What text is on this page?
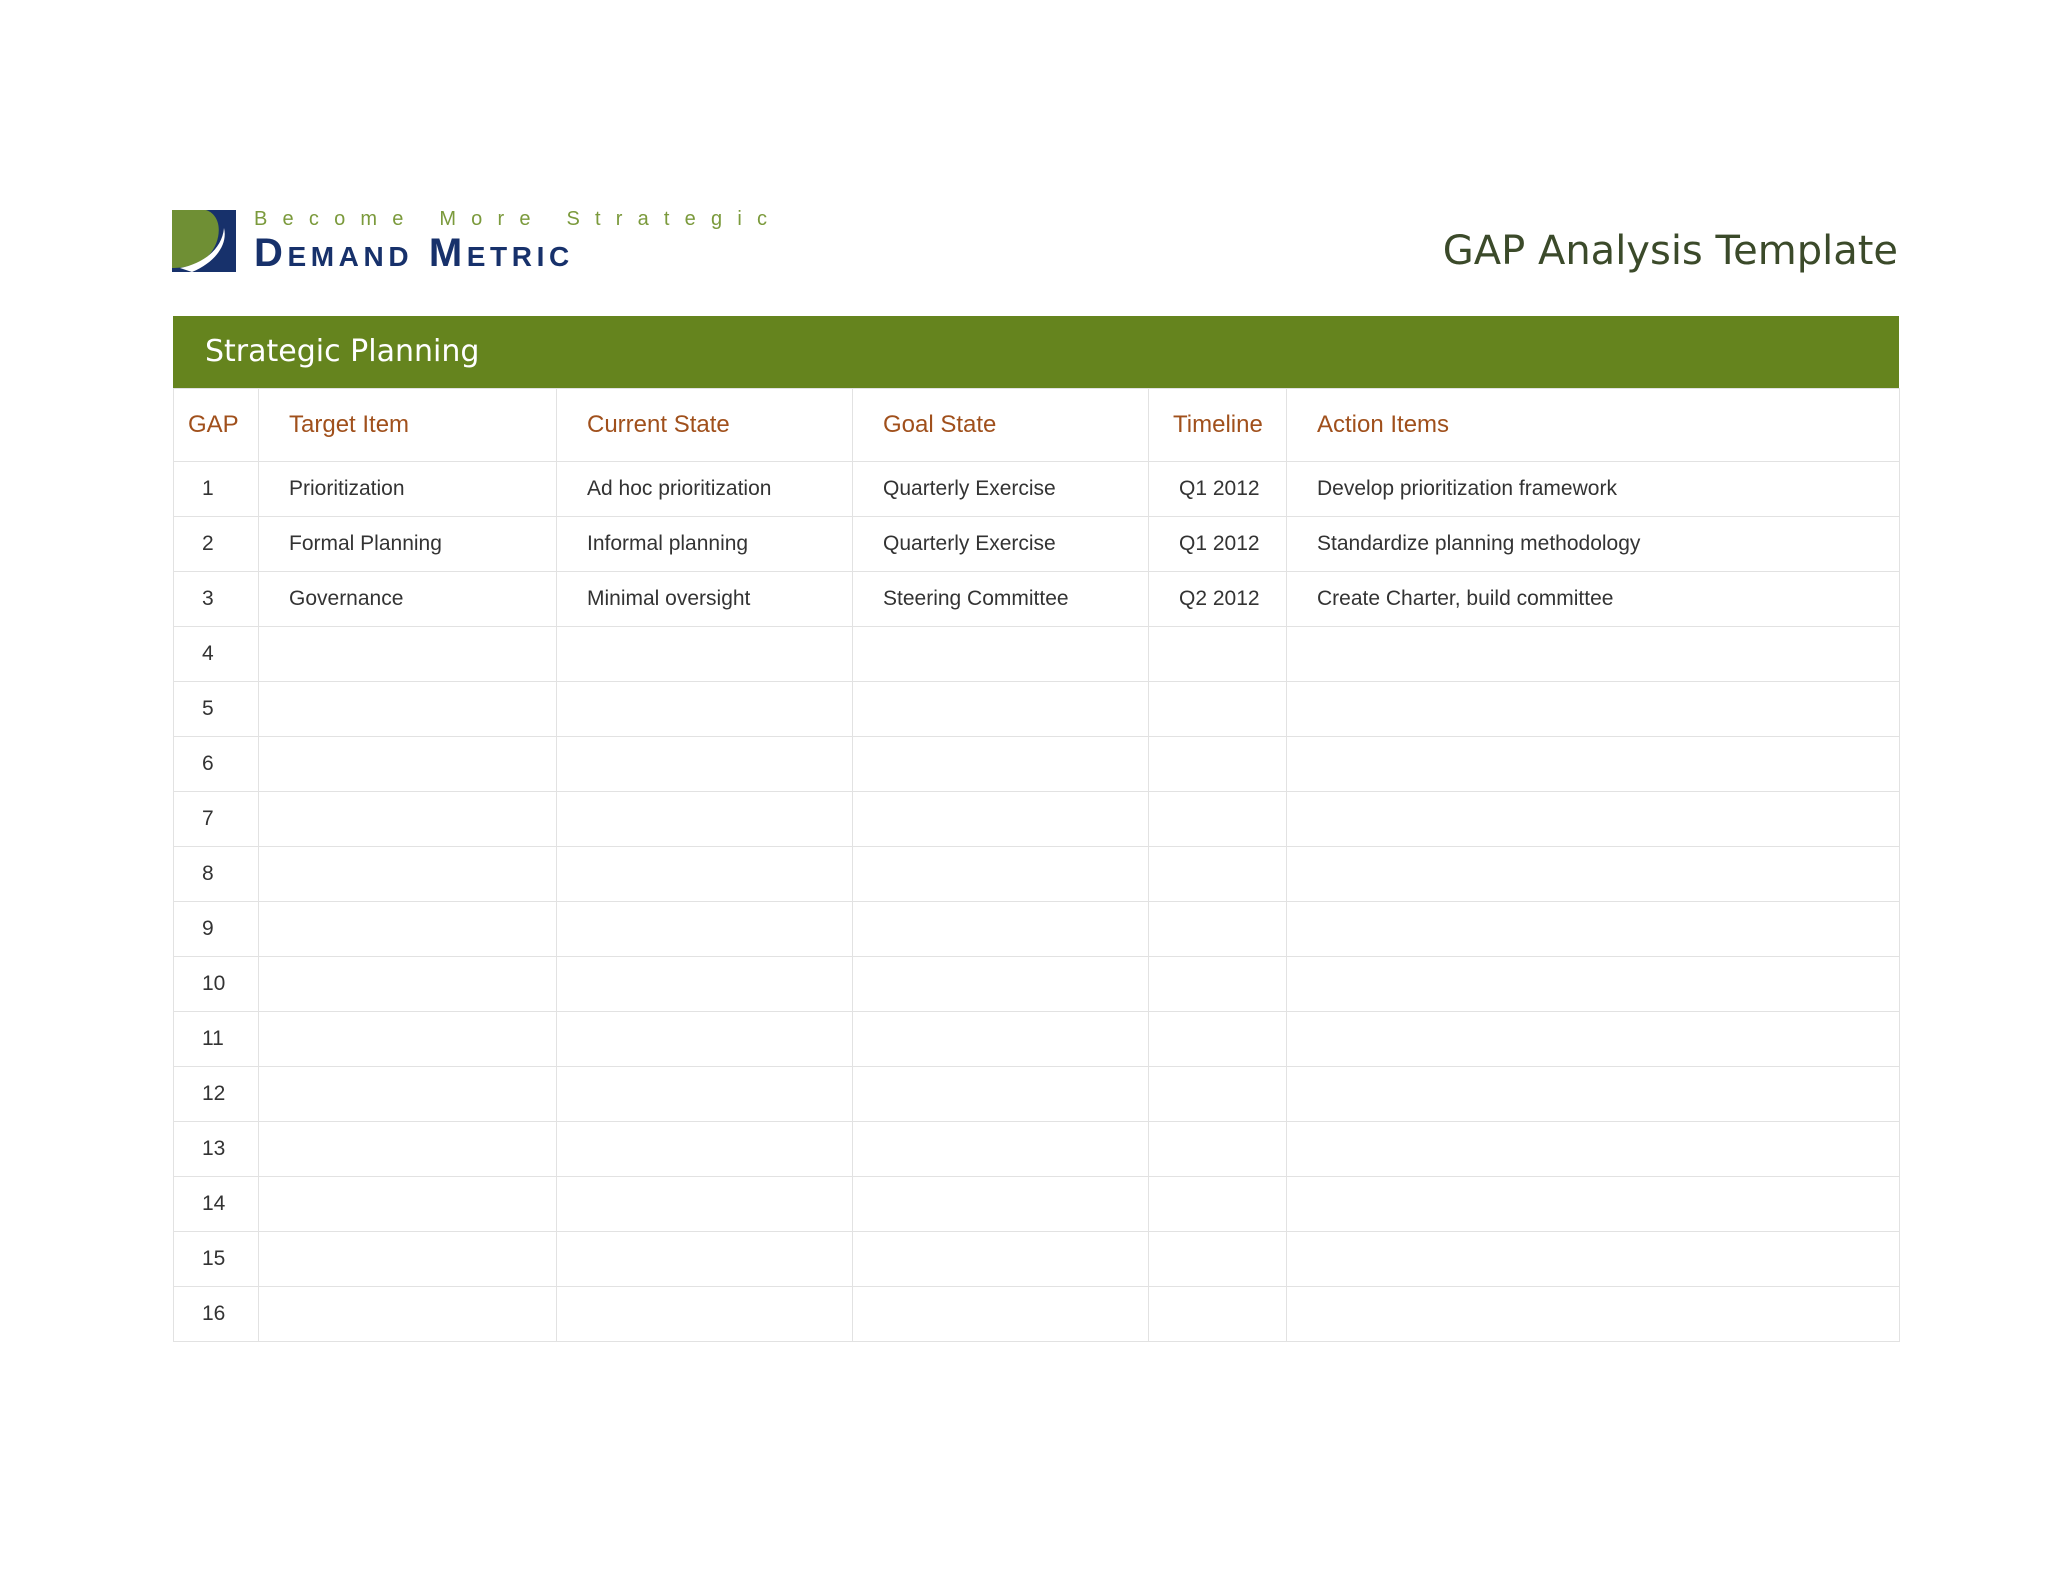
Become More Strategic
Demand Metric	GAP Analysis Template
Strategic Planning
GAP	Target Item	Current State	Goal State	Timeline	Action Items
1	Prioritization	Ad hoc prioritization	Quarterly Exercise	Q1 2012	Develop prioritization framework
2	Formal Planning	Informal planning	Quarterly Exercise	Q1 2012	Standardize planning methodology
3	Governance	Minimal oversight	Steering Committee	Q2 2012	Create Charter, build committee
4					
5					
6					
7					
8					
9					
10					
11					
12					
13					
14					
15					
16					
